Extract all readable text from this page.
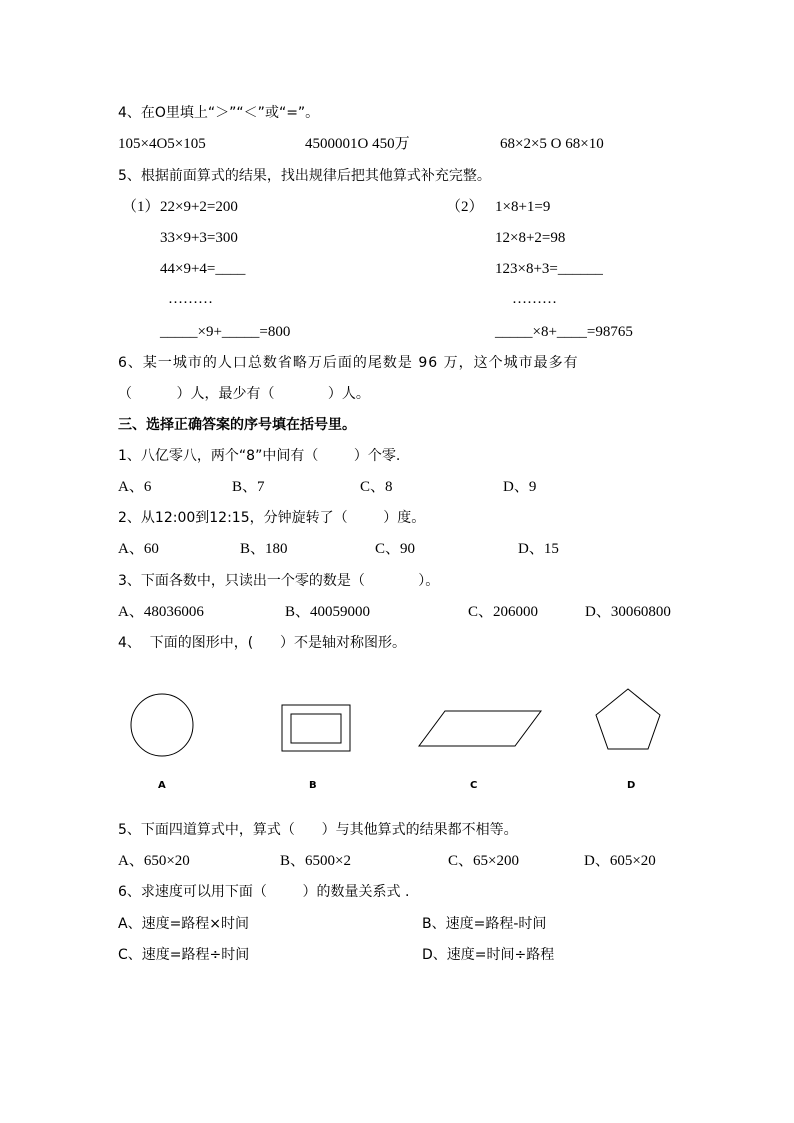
4、在O里填上“＞”“＜”或“=”。
105×4O5×105	4500001O 450万	68×2×5 O 68×10
5、根据前面算式的结果，找出规律后把其他算式补充完整。
（1） 22×9+2=200
33×9+3=300
44×9+4=____
………
_____×9+_____=800
（2） 1×8+1=9
12×8+2=98
123×8+3=______
………
_____×8+____=98765
6、某一城市的人口总数省略万后面的尾数是 96 万，这个城市最多有
（          ）人，最少有（            ）人。
三、选择正确答案的序号填在括号里。
1、八亿零八，两个“8”中间有（        ）个零.
A、6	B、7	C、8	D、9
2、从12:00到12:15，分钟旋转了（        ）度。
A、60	B、180	C、90	D、15
3、下面各数中，只读出一个零的数是（            ）。
A、48036006	B、40059000	C、206000	D、30060800
4、  下面的图形中，(      ）不是轴对称图形。
A	B	C	D
5、下面四道算式中，算式（      ）与其他算式的结果都不相等。
A、650×20	B、6500×2	C、65×200	D、605×20
6、求速度可以用下面（        ）的数量关系式 .
A、速度=路程×时间	B、速度=路程-时间
C、速度=路程÷时间	D、速度=时间÷路程
